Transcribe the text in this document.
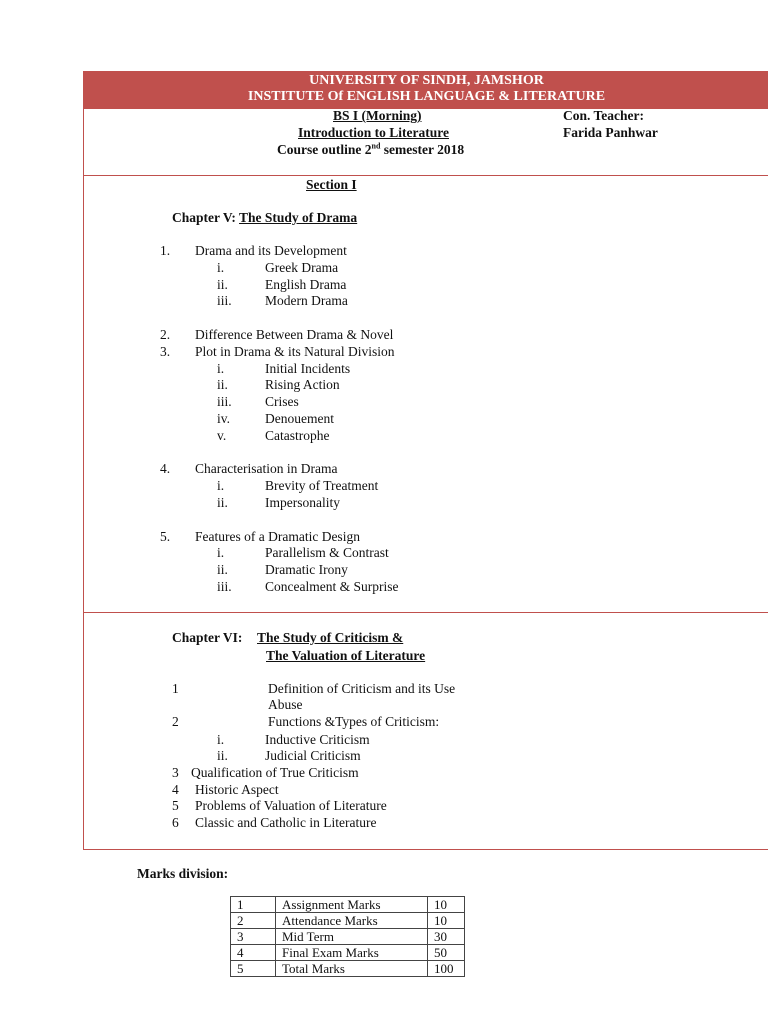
UNIVERSITY OF SINDH, JAMSHOR
INSTITUTE Of ENGLISH LANGUAGE & LITERATURE
BS I (Morning)
Introduction to Literature
Course outline 2nd semester 2018
Con. Teacher:
Farida Panhwar
Section I
Chapter V: The Study of Drama
1. Drama and its Development
i.	Greek Drama
ii.	English Drama
iii. Modern Drama
2. Difference Between Drama & Novel
3. Plot in Drama & its Natural Division
i.	Initial Incidents
ii.	Rising Action
iii. Crises
iv.	Denouement
v.	Catastrophe
4. Characterisation in Drama
i.	Brevity of Treatment
ii.	Impersonality
5. Features of a Dramatic Design
i.	Parallelism & Contrast
ii.	Dramatic Irony
iii. Concealment & Surprise
Chapter VI: The Study of Criticism &
The Valuation of Literature
1	Definition of Criticism and its Use
Abuse
2	Functions &Types of Criticism:
i.	Inductive Criticism
ii.	Judicial Criticism
3 Qualification of True Criticism
4 Historic Aspect
5 Problems of Valuation of Literature
6 Classic and Catholic in Literature
Marks division:
1	Assignment Marks	10
2	Attendance Marks	10
3	Mid Term	30
4	Final Exam Marks	50
5	Total Marks	100
